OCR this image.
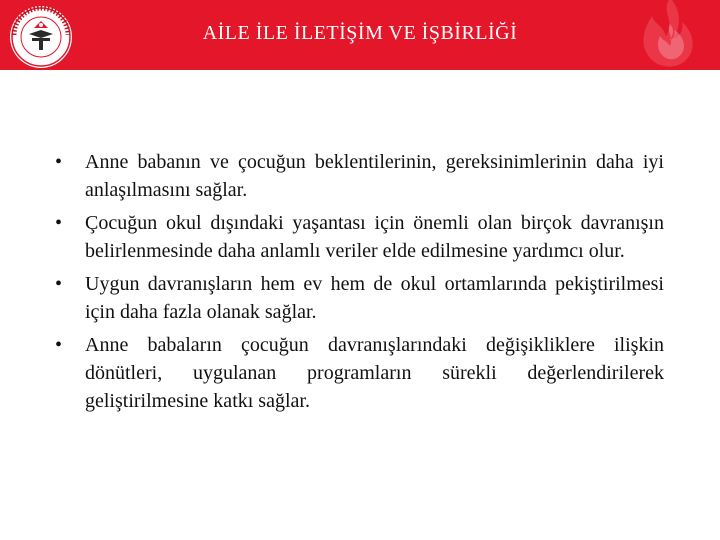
AİLE İLE İLETİŞİM VE İŞBİRLİĞİ
• Anne babanın ve çocuğun beklentilerinin, gereksinimlerinin daha iyi anlaşılmasını sağlar.
• Çocuğun okul dışındaki yaşantası için önemli olan birçok davranışın belirlenmesinde daha anlamlı veriler elde edilmesine yardımcı olur.
• Uygun davranışların hem ev hem de okul ortamlarında pekiştirilmesi için daha fazla olanak sağlar.
• Anne babaların çocuğun davranışlarındaki değişikliklere ilişkin dönütleri, uygulanan programların sürekli değerlendirilerek geliştirilmesine katkı sağlar.
